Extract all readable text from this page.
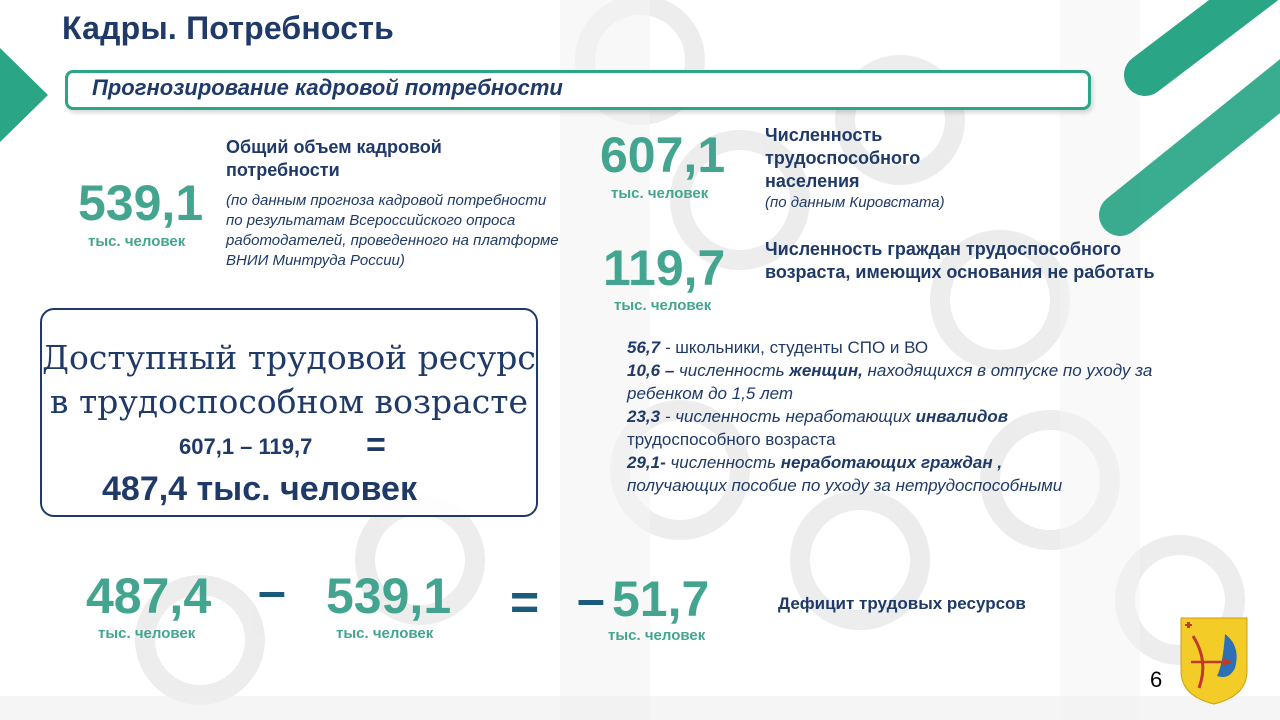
Кадры. Потребность
Прогнозирование кадровой потребности
539,1
тыс. человек
Общий объем кадровой потребности
(по данным прогноза кадровой потребности по результатам Всероссийского опроса работодателей, проведенного на платформе ВНИИ Минтруда России)
607,1
тыс. человек
Численность трудоспособного населения
(по данным Кировстата)
119,7
тыс. человек
Численность граждан трудоспособного возраста, имеющих основания не работать
Доступный трудовой ресурс
в трудоспособном возрасте
607,1 – 119,7 =
487,4 тыс. человек
56,7 - школьники, студенты СПО и ВО
10,6 – численность женщин, находящихся в отпуске по уходу за ребенком до 1,5 лет
23,3 - численность неработающих инвалидов
трудоспособного возраста
29,1- численность неработающих граждан ,
получающих пособие по уходу за нетрудоспособными
487,4
тыс. человек
– 539,1
тыс. человек
= – 51,7
тыс. человек
Дефицит трудовых ресурсов
6
